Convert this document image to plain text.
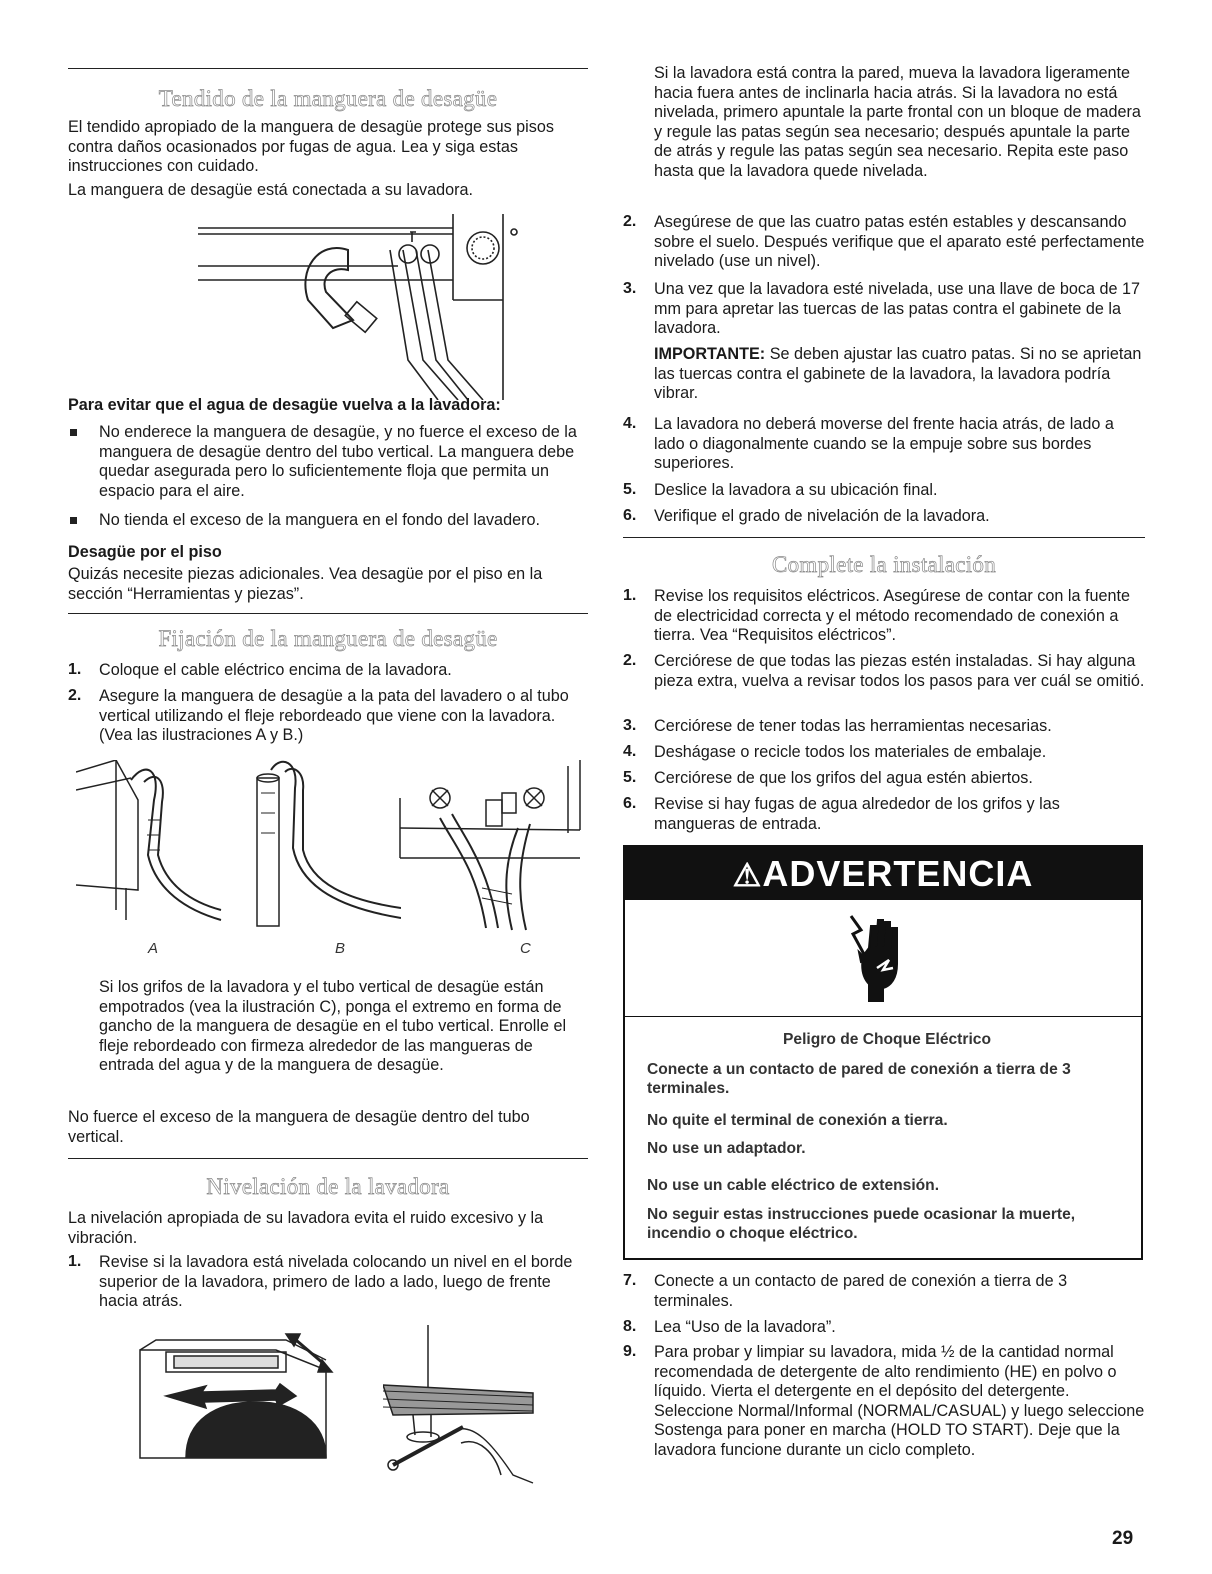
Tendido de la manguera de desagüe

El tendido apropiado de la manguera de desagüe protege sus pisos contra daños ocasionados por fugas de agua. Lea y siga estas instrucciones con cuidado.

La manguera de desagüe está conectada a su lavadora.

Para evitar que el agua de desagüe vuelva a la lavadora:

No enderece la manguera de desagüe, y no fuerce el exceso de la manguera de desagüe dentro del tubo vertical. La manguera debe quedar asegurada pero lo suficientemente floja que permita un espacio para el aire.

No tienda el exceso de la manguera en el fondo del lavadero.

Desagüe por el piso

Quizás necesite piezas adicionales. Vea desagüe por el piso en la sección “Herramientas y piezas”.

Fijación de la manguera de desagüe
1. Coloque el cable eléctrico encima de la lavadora.

2. Asegure la manguera de desagüe a la pata del lavadero o al tubo vertical utilizando el fleje rebordeado que viene con la lavadora. (Vea las ilustraciones A y B.)

A	B	C

Si los grifos de la lavadora y el tubo vertical de desagüe están empotrados (vea la ilustración C), ponga el extremo en forma de gancho de la manguera de desagüe en el tubo vertical. Enrolle el fleje rebordeado con firmeza alrededor de las mangueras de entrada del agua y de la manguera de desagüe.

No fuerce el exceso de la manguera de desagüe dentro del tubo vertical.

Nivelación de la lavadora

La nivelación apropiada de su lavadora evita el ruido excesivo y la vibración.

1. Revise si la lavadora está nivelada colocando un nivel en el borde superior de la lavadora, primero de lado a lado, luego de frente hacia atrás.

Si la lavadora está contra la pared, mueva la lavadora ligeramente hacia fuera antes de inclinarla hacia atrás. Si la lavadora no está nivelada, primero apuntale la parte frontal con un bloque de madera y regule las patas según sea necesario; después apuntale la parte de atrás y regule las patas según sea necesario. Repita este paso hasta que la lavadora quede nivelada.

2. Asegúrese de que las cuatro patas estén estables y descansando sobre el suelo. Después verifique que el aparato esté perfectamente nivelado (use un nivel).

3. Una vez que la lavadora esté nivelada, use una llave de boca de 17 mm para apretar las tuercas de las patas contra el gabinete de la lavadora.

IMPORTANTE: Se deben ajustar las cuatro patas. Si no se aprietan las tuercas contra el gabinete de la lavadora, la lavadora podría vibrar.

4. La lavadora no deberá moverse del frente hacia atrás, de lado a lado o diagonalmente cuando se la empuje sobre sus bordes superiores.

5. Deslice la lavadora a su ubicación final.

6. Verifique el grado de nivelación de la lavadora.

Complete la instalación
1. Revise los requisitos eléctricos. Asegúrese de contar con la fuente de electricidad correcta y el método recomendado de conexión a tierra. Vea “Requisitos eléctricos”.

2. Cerciórese de que todas las piezas estén instaladas. Si hay alguna pieza extra, vuelva a revisar todos los pasos para ver cuál se omitió.

3. Cerciórese de tener todas las herramientas necesarias.

4. Deshágase o recicle todos los materiales de embalaje.

5. Cerciórese de que los grifos del agua estén abiertos.

6. Revise si hay fugas de agua alrededor de los grifos y las mangueras de entrada.

7. Conecte a un contacto de pared de conexión a tierra de 3 terminales.

8. Lea “Uso de la lavadora”.

9. Para probar y limpiar su lavadora, mida ½ de la cantidad normal recomendada de detergente de alto rendimiento (HE) en polvo o líquido. Vierta el detergente en el depósito del detergente. Seleccione Normal/Informal (NORMAL/CASUAL) y luego seleccione Sostenga para poner en marcha (HOLD TO START). Deje que la lavadora funcione durante un ciclo completo.

⚠ADVERTENCIA
Peligro de Choque Eléctrico
Conecte a un contacto de pared de conexión a tierra de 3 terminales.
No quite el terminal de conexión a tierra.
No use un adaptador.
No use un cable eléctrico de extensión.
No seguir estas instrucciones puede ocasionar la muerte, incendio o choque eléctrico.
29
